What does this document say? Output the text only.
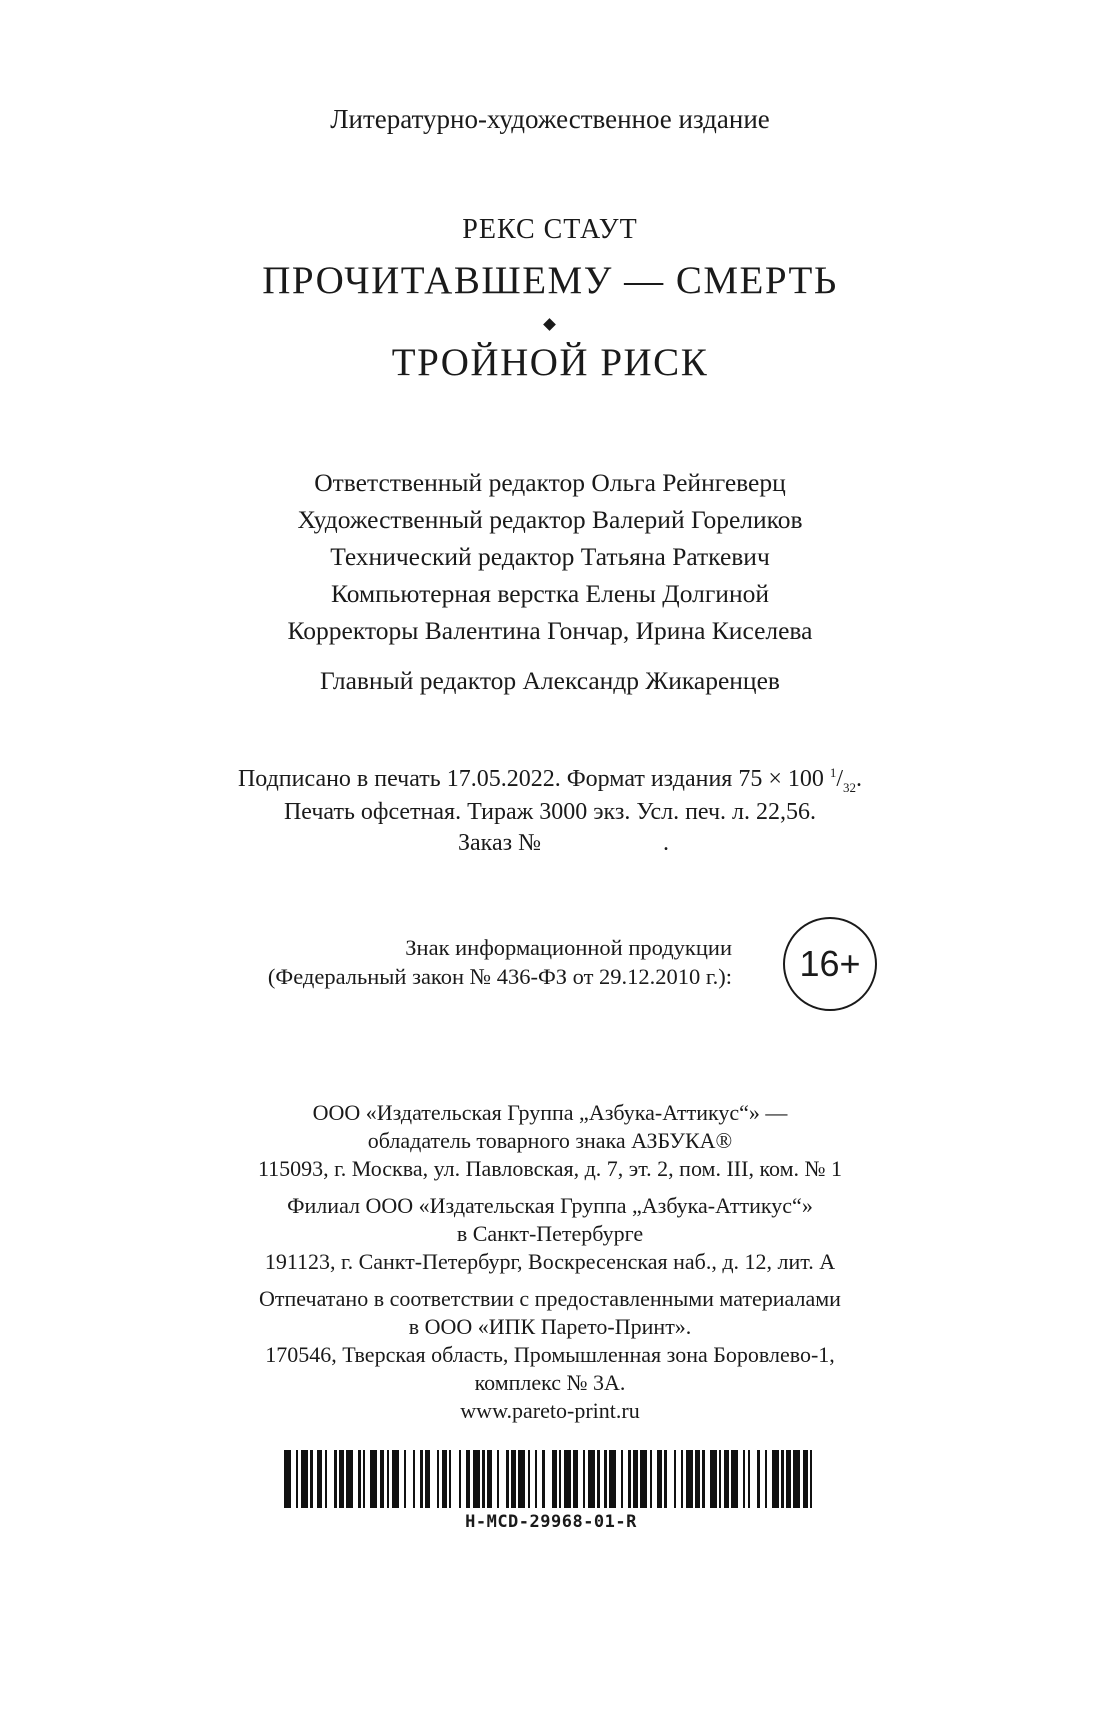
Литературно-художественное издание
РЕКС СТАУТ
ПРОЧИТАВШЕМУ — СМЕРТЬ
ТРОЙНОЙ РИСК
Ответственный редактор Ольга Рейнгеверц
Художественный редактор Валерий Гореликов
Технический редактор Татьяна Раткевич
Компьютерная верстка Елены Долгиной
Корректоры Валентина Гончар, Ирина Киселева
Главный редактор Александр Жикаренцев
Подписано в печать 17.05.2022. Формат издания 75 × 100 $^1/_{32}$.
Печать офсетная. Тираж 3000 экз. Усл. печ. л. 22,56.
Заказ №	.
Знак информационной продукции
(Федеральный закон № 436-ФЗ от 29.12.2010 г.): 16+
ООО «Издательская Группа „Азбука-Аттикус“» —
обладатель товарного знака АЗБУКА®
115093, г. Москва, ул. Павловская, д. 7, эт. 2, пом. III, ком. № 1
Филиал ООО «Издательская Группа „Азбука-Аттикус“»
в Санкт-Петербурге
191123, г. Санкт-Петербург, Воскресенская наб., д. 12, лит. А
Отпечатано в соответствии с предоставленными материалами
в ООО «ИПК Парето-Принт».
170546, Тверская область, Промышленная зона Боровлево-1,
комплекс № 3А.
www.pareto-print.ru
H-MCD-29968-01-R
